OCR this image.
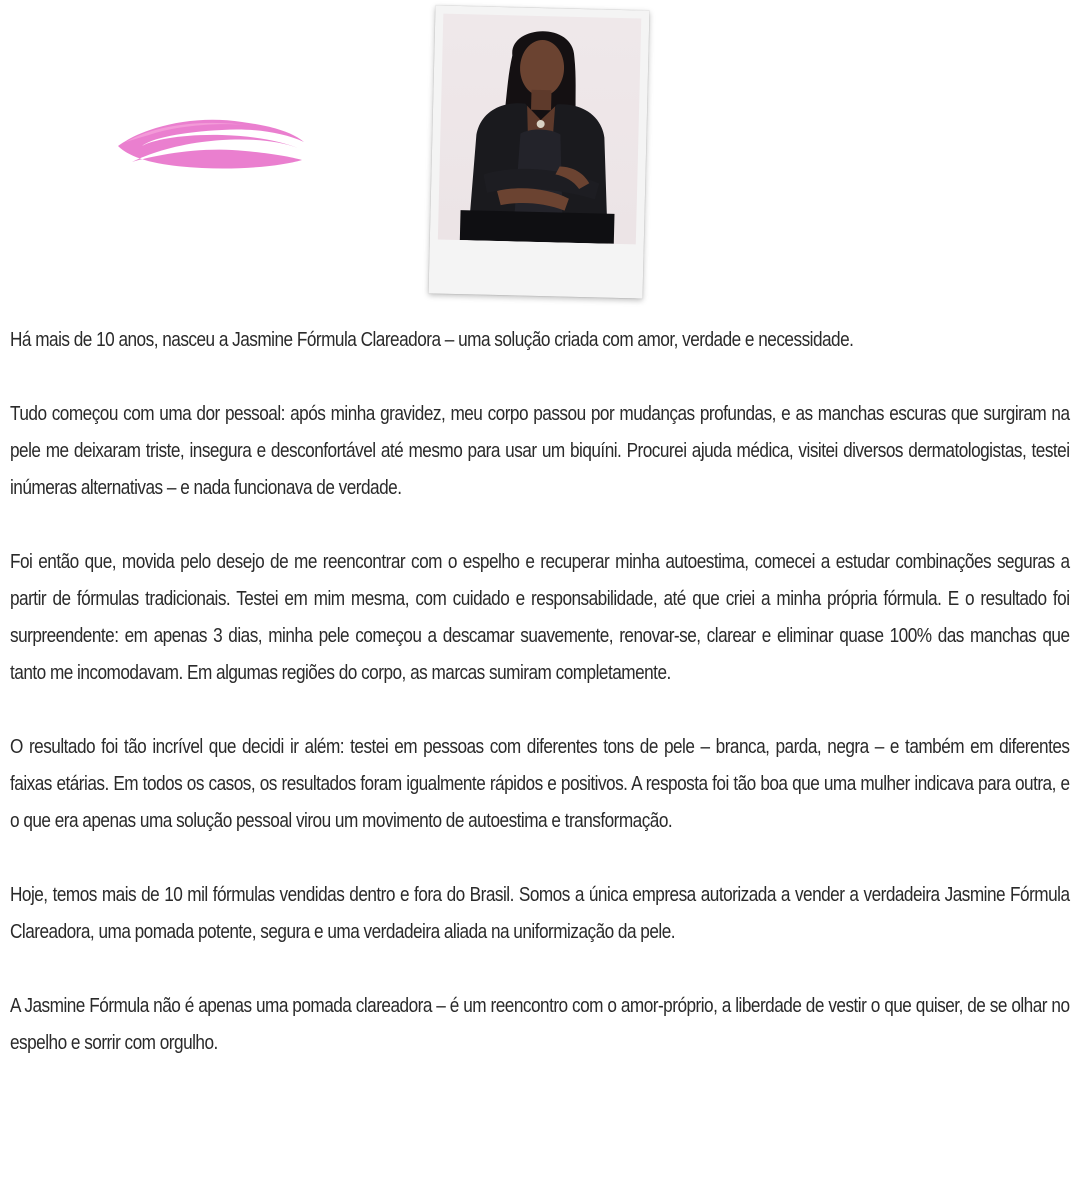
Há mais de 10 anos, nasceu a Jasmine Fórmula Clareadora – uma solução criada com amor, verdade e necessidade.

Tudo começou com uma dor pessoal: após minha gravidez, meu corpo passou por mudanças profundas, e as manchas escuras que surgiram na pele me deixaram triste, insegura e desconfortável até mesmo para usar um biquíni. Procurei ajuda médica, visitei diversos dermatologistas, testei inúmeras alternativas – e nada funcionava de verdade.

Foi então que, movida pelo desejo de me reencontrar com o espelho e recuperar minha autoestima, comecei a estudar combinações seguras a partir de fórmulas tradicionais. Testei em mim mesma, com cuidado e responsabilidade, até que criei a minha própria fórmula. E o resultado foi surpreendente: em apenas 3 dias, minha pele começou a descamar suavemente, renovar-se, clarear e eliminar quase 100% das manchas que tanto me incomodavam. Em algumas regiões do corpo, as marcas sumiram completamente.

O resultado foi tão incrível que decidi ir além: testei em pessoas com diferentes tons de pele – branca, parda, negra – e também em diferentes faixas etárias. Em todos os casos, os resultados foram igualmente rápidos e positivos. A resposta foi tão boa que uma mulher indicava para outra, e o que era apenas uma solução pessoal virou um movimento de autoestima e transformação.

Hoje, temos mais de 10 mil fórmulas vendidas dentro e fora do Brasil. Somos a única empresa autorizada a vender a verdadeira Jasmine Fórmula Clareadora, uma pomada potente, segura e uma verdadeira aliada na uniformização da pele.

A Jasmine Fórmula não é apenas uma pomada clareadora – é um reencontro com o amor-próprio, a liberdade de vestir o que quiser, de se olhar no espelho e sorrir com orgulho.
